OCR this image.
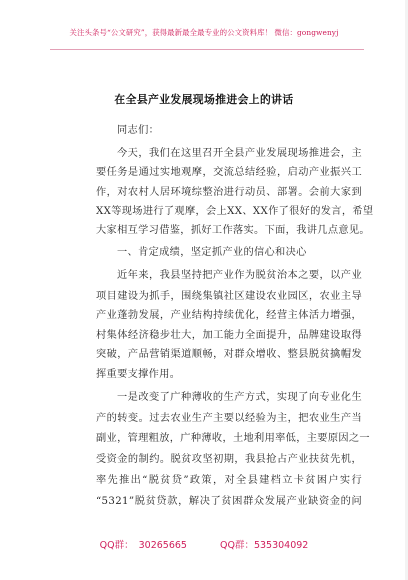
关注头条号“公文研究”，获得最新最全最专业的公文资料库！ 微信：gongwenyj
在全县产业发展现场推进会上的讲话
同志们：
今天，我们在这里召开全县产业发展现场推进会，主
要任务是通过实地观摩，交流总结经验，启动产业振兴工
作，对农村人居环境综整治进行动员、部署。会前大家到
XX等现场进行了观摩，会上XX、XX作了很好的发言，希望
大家相互学习借鉴，抓好工作落实。下面，我讲几点意见。
一、肯定成绩，坚定抓产业的信心和决心
近年来，我县坚持把产业作为脱贫治本之要，以产业
项目建设为抓手，围绕集镇社区建设农业园区，农业主导
产业蓬勃发展，产业结构持续优化，经营主体活力增强，
村集体经济稳步壮大，加工能力全面提升，品牌建设取得
突破，产品营销渠道顺畅，对群众增收、整县脱贫擒帽发
挥重要支撑作用。
一是改变了广种薄收的生产方式，实现了向专业化生
产的转变。过去农业生产主要以经验为主，把农业生产当
副业，管理粗放，广种薄收，土地利用率低，主要原因之一
受资金的制约。脱贫攻坚初期，我县抢占产业扶贫先机，
率先推出“脱贫贷”政策，对全县建档立卡贫困户实行
“5321”脱贫贷款，解决了贫困群众发展产业缺资金的问
QQ群： 30265665	QQ群：535304092
